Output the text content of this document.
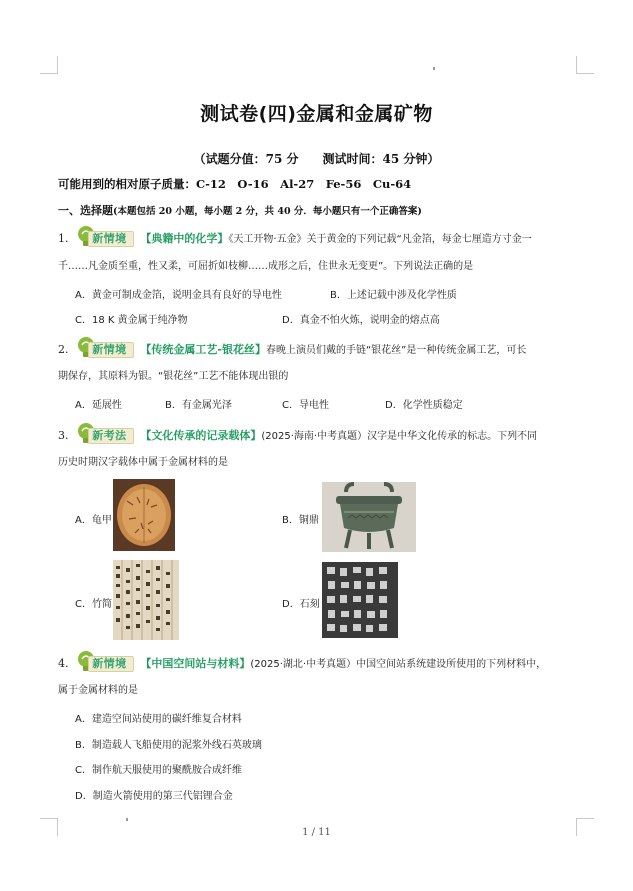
测试卷(四)金属和金属矿物
（试题分值：75 分　　测试时间：45 分钟）
可能用到的相对原子质量：C-12　O-16　Al-27　Fe-56　Cu-64
一、选择题(本题包括 20 小题，每小题 2 分，共 40 分．每小题只有一个正确答案)
1. 新情境 【典籍中的化学】《天工开物·五金》关于黄金的下列记载“凡金箔，每金七厘造方寸金一
千……凡金质至重，性又柔，可屈折如枝柳……成形之后，住世永无变更”。下列说法正确的是
A．黄金可制成金箔，说明金具有良好的导电性	B．上述记载中涉及化学性质
C．18 K 黄金属于纯净物	D．真金不怕火炼，说明金的熔点高
2. 新情境 【传统金属工艺-银花丝】春晚上演员们戴的手链“银花丝”是一种传统金属工艺，可长
期保存，其原料为银。“银花丝”工艺不能体现出银的
A．延展性	B．有金属光泽	C．导电性	D．化学性质稳定
3. 新考法 【文化传承的记录载体】(2025·海南·中考真题）汉字是中华文化传承的标志。下列不同
历史时期汉字载体中属于金属材料的是
A．龟甲	B．铜鼎
C．竹简	D．石刻
4. 新情境 【中国空间站与材料】(2025·湖北·中考真题）中国空间站系统建设所使用的下列材料中，
属于金属材料的是
A．建造空间站使用的碳纤维复合材料
B．制造载人飞船使用的泥浆外线石英玻璃
C．制作航天服使用的聚酰胺合成纤维
D．制造火箭使用的第三代铝锂合金
1 / 11
